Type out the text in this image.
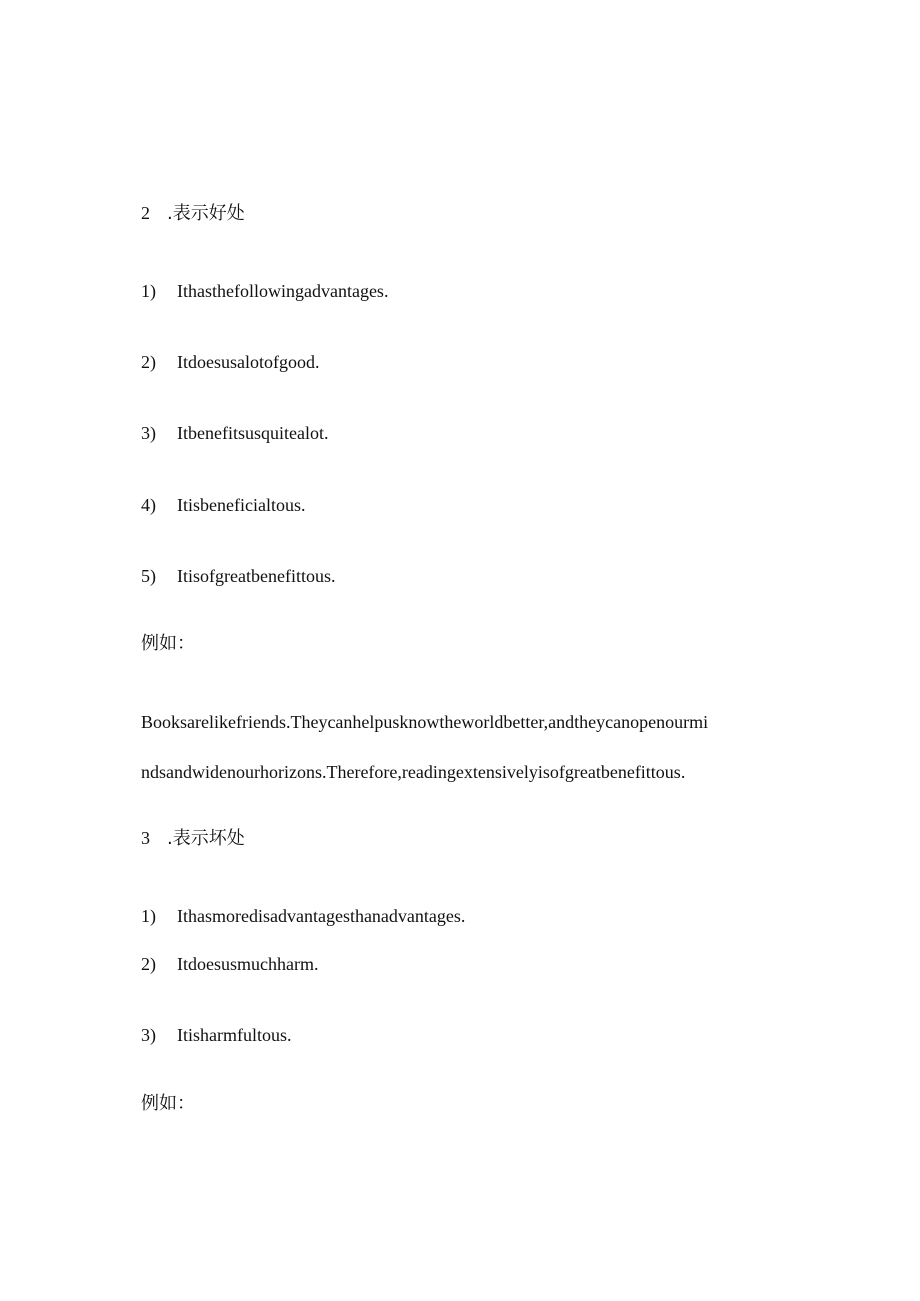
2 .表示好处
1) Ithasthefollowingadvantages.
2) Itdoesusalotofgood.
3) Itbenefitsusquitealot.
4) Itisbeneficialtous.
5) Itisofgreatbenefittous.
例如：
Booksarelikefriends.Theycanhelpusknowtheworldbetter,andtheycanopenourmi
ndsandwidenourhorizons.Therefore,readingextensivelyisofgreatbenefittous.
3 .表示坏处
1) Ithasmoredisadvantagesthanadvantages.
2) Itdoesusmuchharm.
3) Itisharmfultous.
例如：
